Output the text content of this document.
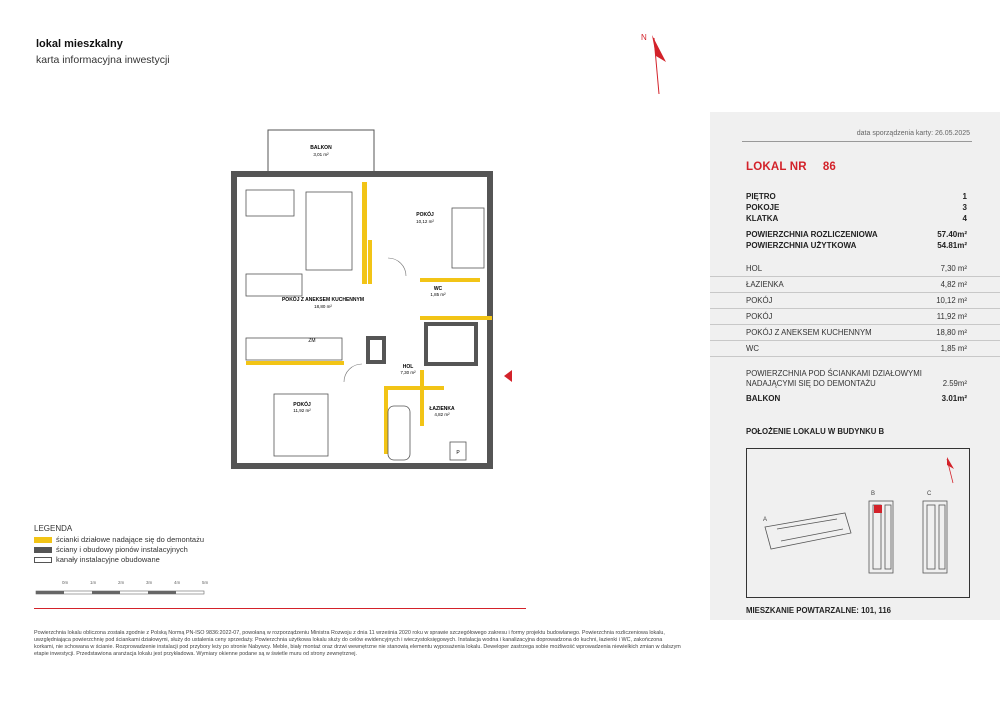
lokal mieszkalny
karta informacyjna inwestycji
N
BALKON
3,01 m²
POKÓJ Z ANEKSEM KUCHENNYM
18,80 m²
ZM
POKÓJ
10,12 m²
WC
1,85 m²
HOL
7,30 m²
POKÓJ
11,92 m²	ŁAZIENKA
4,82 m²
P
data sporządzenia karty: 26.05.2025
LOKAL NR 86
PIĘTRO	1
POKOJE	3
KLATKA	4
POWIERZCHNIA ROZLICZENIOWA	57.40m²
POWIERZCHNIA UŻYTKOWA	54.81m²
HOL	7,30 m²
ŁAZIENKA	4,82 m²
POKÓJ	10,12 m²
POKÓJ	11,92 m²
POKÓJ Z ANEKSEM KUCHENNYM	18,80 m²
WC	1,85 m²
POWIERZCHNIA POD ŚCIANKAMI DZIAŁOWYMI
NADAJĄCYMI SIĘ DO DEMONTAŻU	2.59m²
BALKON	3.01m²
POŁOŻENIE LOKALU W BUDYNKU B
A
B	C
MIESZKANIE POWTARZALNE: 101, 116
LEGENDA
ścianki działowe nadające się do demontażu
ściany i obudowy pionów instalacyjnych
kanały instalacyjne obudowane
0m	1m	2m	3m	4m	5m
Powierzchnia lokalu obliczona została zgodnie z Polską Normą PN-ISO 9836:2022-07, powołaną w rozporządzeniu Ministra Rozwoju z dnia 11 września 2020 roku w sprawie szczegółowego zakresu i formy projektu budowlanego. Powierzchnia rozliczeniowa lokalu, uwzględniająca powierzchnię pod ściankami działowymi, służy do ustalenia ceny sprzedaży. Powierzchnia użytkowa lokalu służy do celów ewidencyjnych i wieczystoksięgowych. Instalacja wodna i kanalizacyjna doprowadzona do kuchni, łazienki i WC, zakończona korkami, nie schowana w ścianie. Rozprowadzenie instalacji pod przybory leży po stronie Nabywcy. Meble, biały montaż oraz drzwi wewnętrzne nie stanowią elementu wyposażenia lokalu. Deweloper zastrzega sobie możliwość wprowadzenia niewielkich zmian w dalszym etapie inwestycji. Przedstawiona aranżacja lokalu jest przykładowa. Wymiary okienne podane są w świetle muru od strony zewnętrznej.
